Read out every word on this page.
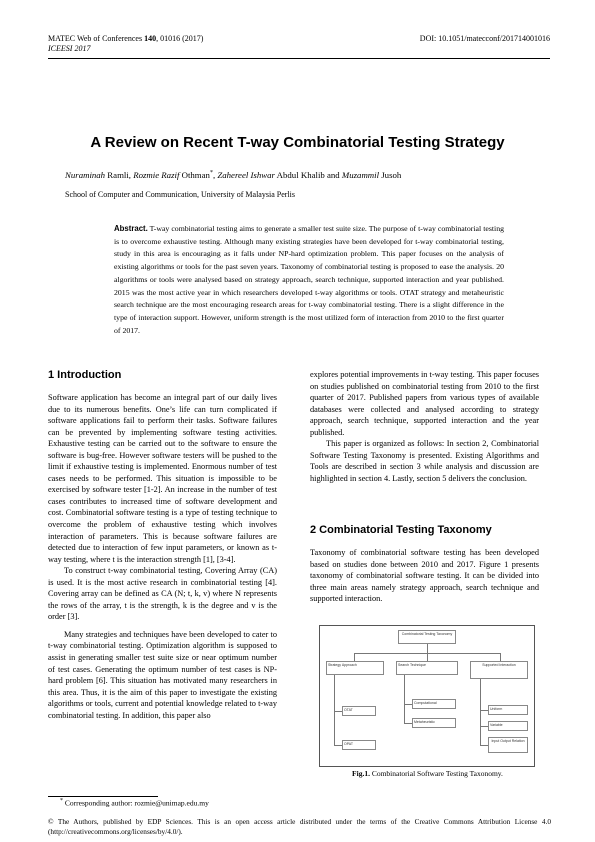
MATEC Web of Conferences 140, 01016 (2017)
ICEESI 2017
DOI: 10.1051/matecconf/201714001016
A Review on Recent T-way Combinatorial Testing Strategy
Nuraminah Ramli, Rozmie Razif Othman*, Zahereel Ishwar Abdul Khalib and Muzammil Jusoh
School of Computer and Communication, University of Malaysia Perlis
Abstract. T-way combinatorial testing aims to generate a smaller test suite size. The purpose of t-way combinatorial testing is to overcome exhaustive testing. Although many existing strategies have been developed for t-way combinatorial testing, study in this area is encouraging as it falls under NP-hard optimization problem. This paper focuses on the analysis of existing algorithms or tools for the past seven years. Taxonomy of combinatorial testing is proposed to ease the analysis. 20 algorithms or tools were analysed based on strategy approach, search technique, supported interaction and year published. 2015 was the most active year in which researchers developed t-way algorithms or tools. OTAT strategy and metaheuristic search technique are the most encouraging research areas for t-way combinatorial testing. There is a slight difference in the type of interaction support. However, uniform strength is the most utilized form of interaction from 2010 to the first quarter of 2017.
1 Introduction

Software application has become an integral part of our daily lives due to its numerous benefits. One’s life can turn complicated if software applications fail to perform their tasks. Software failures can be prevented by implementing software testing activities. Exhaustive testing can be carried out to the software to ensure the software is bug-free. However software testers will be pushed to the limit if exhaustive testing is implemented. Enormous number of test cases needs to be performed. This situation is impossible to be exercised by software tester [1-2]. An increase in the number of test cases contributes to increased time of software development and cost. Combinatorial software testing is a type of testing technique to overcome the problem of exhaustive testing which involves interaction of parameters. This is because software failures are detected due to interaction of few input parameters, or known as t-way testing, where t is the interaction strength [1], [3-4].

To construct t-way combinatorial testing, Covering Array (CA) is used. It is the most active research in combinatorial testing [4]. Covering array can be defined as CA (N; t, k, v) where N represents the rows of the array, t is the strength, k is the degree and v is the order [3].

Many strategies and techniques have been developed to cater to t-way combinatorial testing. Optimization algorithm is supposed to assist in generating smaller test suite size or near optimum number of test cases. Generating the optimum number of test cases is NP-hard problem [6]. This situation has motivated many researchers in this area. Thus, it is the aim of this paper to investigate the existing algorithms or tools, current and potential knowledge related to t-way combinatorial testing. In addition, this paper also

explores potential improvements in t-way testing. This paper focuses on studies published on combinatorial testing from 2010 to the first quarter of 2017. Published papers from various types of available databases were collected and analysed according to strategy approach, search technique, supported interaction and the year published.

This paper is organized as follows: In section 2, Combinatorial Software Testing Taxonomy is presented. Existing Algorithms and Tools are described in section 3 while analysis and discussion are highlighted in section 4. Lastly, section 5 delivers the conclusion.

2 Combinatorial Testing Taxonomy

Taxonomy of combinatorial software testing has been developed based on studies done between 2010 and 2017. Figure 1 presents taxonomy of combinatorial software testing. It can be divided into three main areas namely strategy approach, search technique and supported interaction.

Combinatorial Testing Taxonomy
Strategy Approach	Search Technique	Supported Interaction
OTAT
OPAT
Computational
Metaheuristic
Uniform
Variable
Input Output Relation
Fig.1. Combinatorial Software Testing Taxonomy.
* Corresponding author: rozmie@unimap.edu.my
© The Authors, published by EDP Sciences. This is an open access article distributed under the terms of the Creative Commons Attribution License 4.0 (http://creativecommons.org/licenses/by/4.0/).
